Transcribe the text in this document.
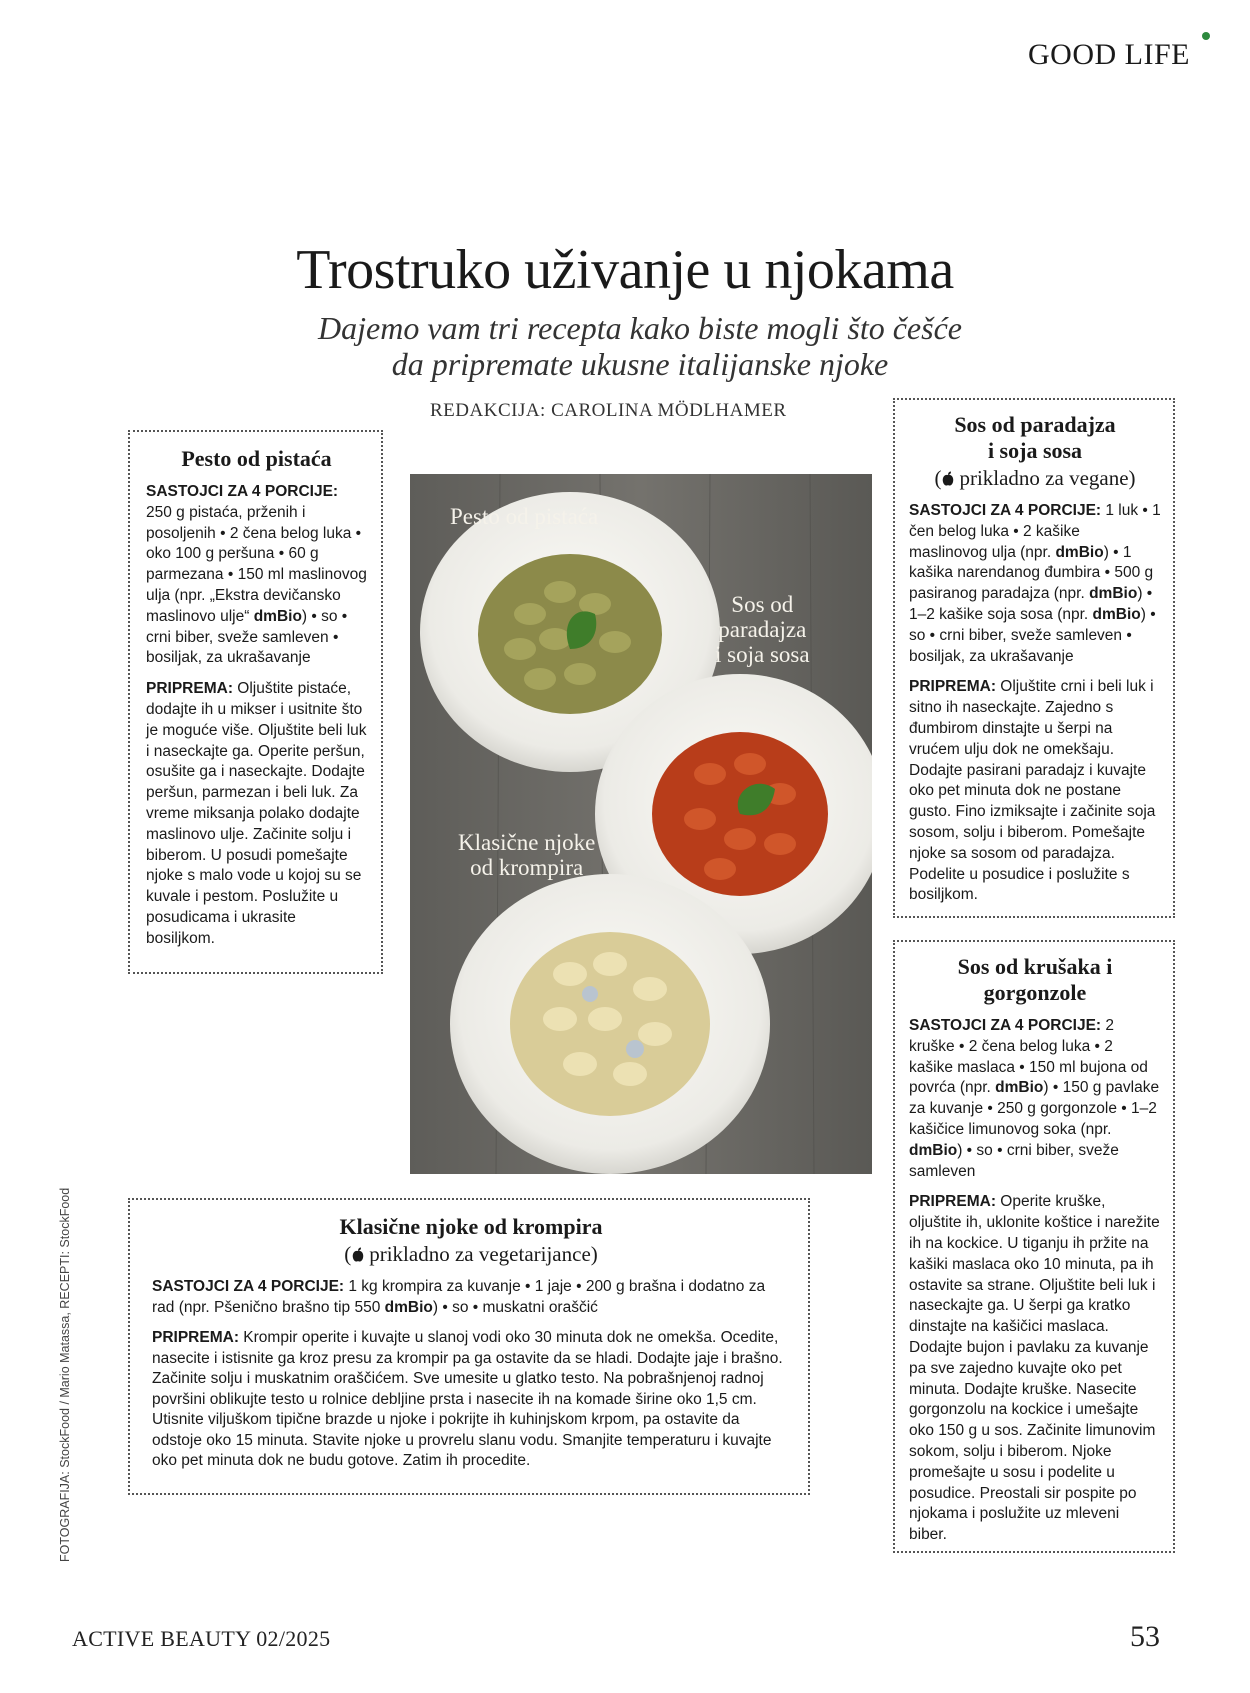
GOOD LIFE
Trostruko uživanje u njokama
Dajemo vam tri recepta kako biste mogli što češće
da pripremate ukusne italijanske njoke
REDAKCIJA: CAROLINA MÖDLHAMER
Pesto od pistaća

SASTOJCI ZA 4 PORCIJE: 250 g pistaća, prženih i posoljenih • 2 čena belog luka • oko 100 g peršuna • 60 g parmezana • 150 ml maslinovog ulja (npr. „Ekstra devičansko maslinovo ulje“ dmBio) • so • crni biber, sveže samleven • bosiljak, za ukrašavanje

PRIPREMA: Oljuštite pistaće, dodajte ih u mikser i usitnite što je moguće više. Oljuštite beli luk i naseckajte ga. Operite peršun, osušite ga i naseckajte. Dodajte peršun, parmezan i beli luk. Za vreme miksanja polako dodajte maslinovo ulje. Začinite solju i biberom. U posudi pomešajte njoke s malo vode u kojoj su se kuvale i pestom. Poslužite u posudicama i ukrasite bosiljkom.

Sos od paradajza
i soja sosa
( prikladno za vegane)

SASTOJCI ZA 4 PORCIJE: 1 luk • 1 čen belog luka • 2 kašike maslinovog ulja (npr. dmBio) • 1 kašika narendanog đumbira • 500 g pasiranog paradajza (npr. dmBio) • 1–2 kašike soja sosa (npr. dmBio) • so • crni biber, sveže samleven • bosiljak, za ukrašavanje

PRIPREMA: Oljuštite crni i beli luk i sitno ih naseckajte. Zajedno s đumbirom dinstajte u šerpi na vrućem ulju dok ne omekšaju. Dodajte pasirani paradajz i kuvajte oko pet minuta dok ne postane gusto. Fino izmiksajte i začinite soja sosom, solju i biberom. Pomešajte njoke sa sosom od paradajza. Podelite u posudice i poslužite s bosiljkom.

Sos od krušaka i
gorgonzole

SASTOJCI ZA 4 PORCIJE: 2 kruške • 2 čena belog luka • 2 kašike maslaca • 150 ml bujona od povrća (npr. dmBio) • 150 g pavlake za kuvanje • 250 g gorgonzole • 1–2 kašičice limunovog soka (npr. dmBio) • so • crni biber, sveže samleven

PRIPREMA: Operite kruške, oljuštite ih, uklonite koštice i narežite ih na kockice. U tiganju ih pržite na kašiki maslaca oko 10 minuta, pa ih ostavite sa strane. Oljuštite beli luk i naseckajte ga. U šerpi ga kratko dinstajte na kašičici maslaca. Dodajte bujon i pavlaku za kuvanje pa sve zajedno kuvajte oko pet minuta. Dodajte kruške. Nasecite gorgonzolu na kockice i umešajte oko 150 g u sos. Začinite limunovim sokom, solju i biberom. Njoke promešajte u sosu i podelite u posudice. Preostali sir pospite po njokama i poslužite uz mleveni biber.

Klasične njoke od krompira
( prikladno za vegetarijance)

SASTOJCI ZA 4 PORCIJE: 1 kg krompira za kuvanje • 1 jaje • 200 g brašna i dodatno za rad (npr. Pšenično brašno tip 550 dmBio) • so • muskatni oraščić

PRIPREMA: Krompir operite i kuvajte u slanoj vodi oko 30 minuta dok ne omekša. Ocedite, nasecite i istisnite ga kroz presu za krompir pa ga ostavite da se hladi. Dodajte jaje i brašno. Začinite solju i muskatnim oraščićem. Sve umesite u glatko testo. Na pobrašnjenoj radnoj površini oblikujte testo u rolnice debljine prsta i nasecite ih na komade širine oko 1,5 cm. Utisnite viljuškom tipične brazde u njoke i pokrijte ih kuhinjskom krpom, pa ostavite da odstoje oko 15 minuta. Stavite njoke u provrelu slanu vodu. Smanjite temperaturu i kuvajte oko pet minuta dok ne budu gotove. Zatim ih procedite.

Pesto od pistaća
Sos od
paradajza
i soja sosa
Klasične njoke
od krompira
FOTOGRAFIJA: StockFood / Mario Matassa, RECEPTI: StockFood
ACTIVE BEAUTY 02/2025	53
